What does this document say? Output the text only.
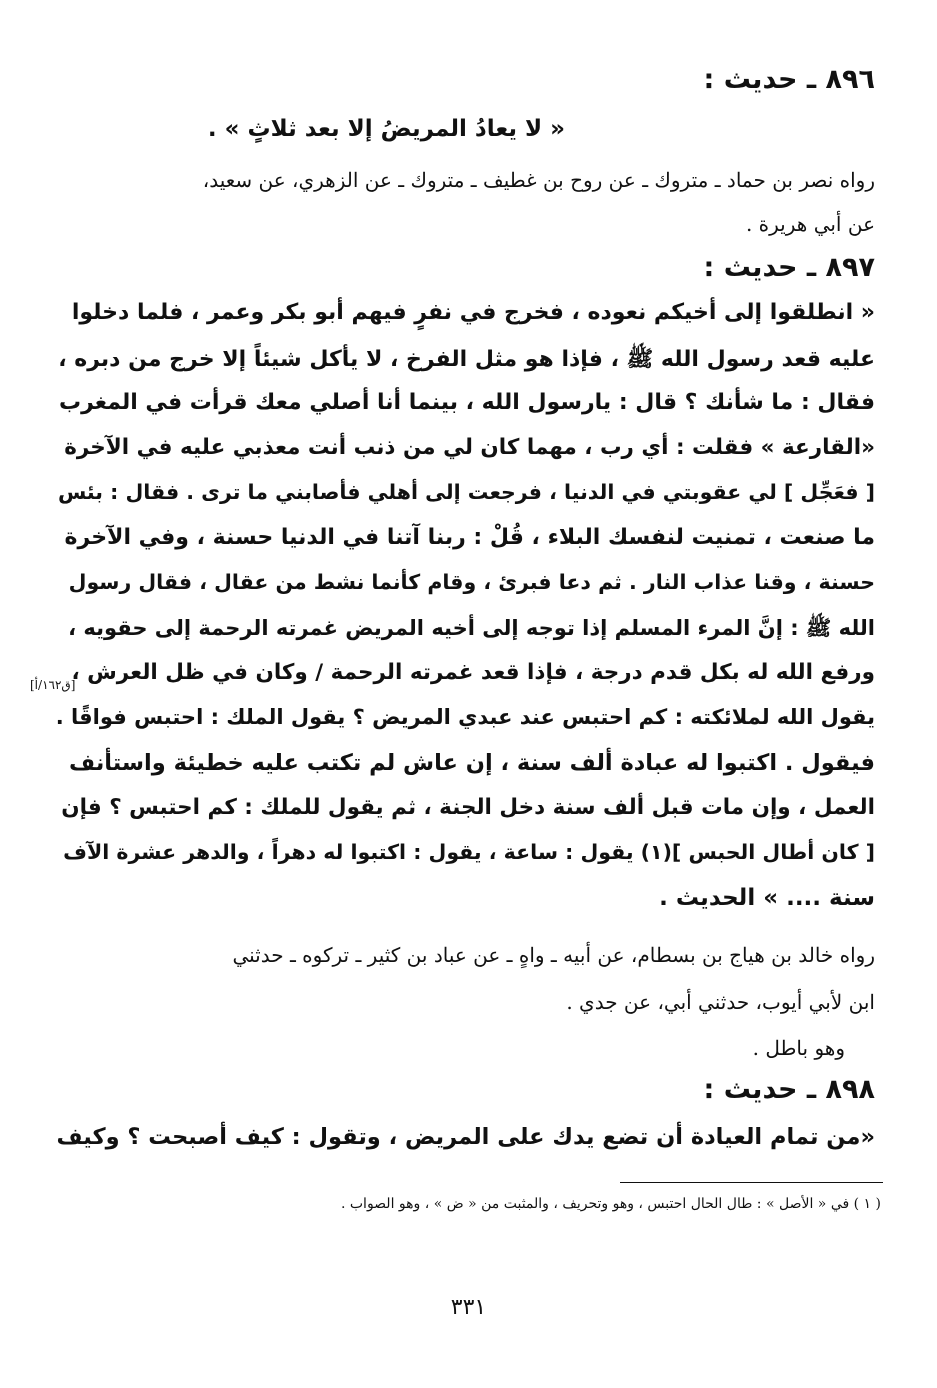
٨٩٦ ـ حديث :
« لا يعادُ المريضُ إلا بعد ثلاثٍ » .
رواه نصر بن حماد ـ متروك ـ عن روح بن غطيف ـ متروك ـ عن الزهري، عن سعيد،
عن أبي هريرة .
٨٩٧ ـ حديث :
« انطلقوا إلى أخيكم نعوده ، فخرج في نفرٍ فيهم أبو بكر وعمر ، فلما دخلوا
عليه قعد رسول الله ﷺ ، فإذا هو مثل الفرخ ، لا يأكل شيئاً إلا خرج من دبره ،
فقال : ما شأنك ؟ قال : يارسول الله ، بينما أنا أصلي معك قرأت في المغرب
«القارعة » فقلت : أي رب ، مهما كان لي من ذنب أنت معذبي عليه في الآخرة
[ فعَجِّل ] لي عقوبتي في الدنيا ، فرجعت إلى أهلي فأصابني ما ترى . فقال : بئس
ما صنعت ، تمنيت لنفسك البلاء ، قُلْ : ربنا آتنا في الدنيا حسنة ، وفي الآخرة
حسنة ، وقنا عذاب النار . ثم دعا فبرئ ، وقام كأنما نشط من عقال ، فقال رسول
الله ﷺ : إنَّ المرء المسلم إذا توجه إلى أخيه المريض غمرته الرحمة إلى حقويه ،
ورفع الله له بكل قدم درجة ، فإذا قعد غمرته الرحمة / وكان في ظل العرش ،
[ق١٦٢/أ]
يقول الله لملائكته : كم احتبس عند عبدي المريض ؟ يقول الملك : احتبس فواقًا .
فيقول . اكتبوا له عبادة ألف سنة ، إن عاش لم تكتب عليه خطيئة واستأنف
العمل ، وإن مات قبل ألف سنة دخل الجنة ، ثم يقول للملك : كم احتبس ؟ فإن
[ كان أطال الحبس ](١) يقول : ساعة ، يقول : اكتبوا له دهراً ، والدهر عشرة الآف
سنة .... » الحديث .
رواه خالد بن هياج بن بسطام، عن أبيه ـ واهٍ ـ عن عباد بن كثير ـ تركوه ـ حدثني
ابن لأبي أيوب، حدثني أبي، عن جدي .
وهو باطل .
٨٩٨ ـ حديث :
«من تمام العيادة أن تضع يدك على المريض ، وتقول : كيف أصبحت ؟ وكيف
( ١ ) في « الأصل » : طال الحال احتبس ، وهو وتحريف ، والمثبت من « ض » ، وهو الصواب .
٣٣١
